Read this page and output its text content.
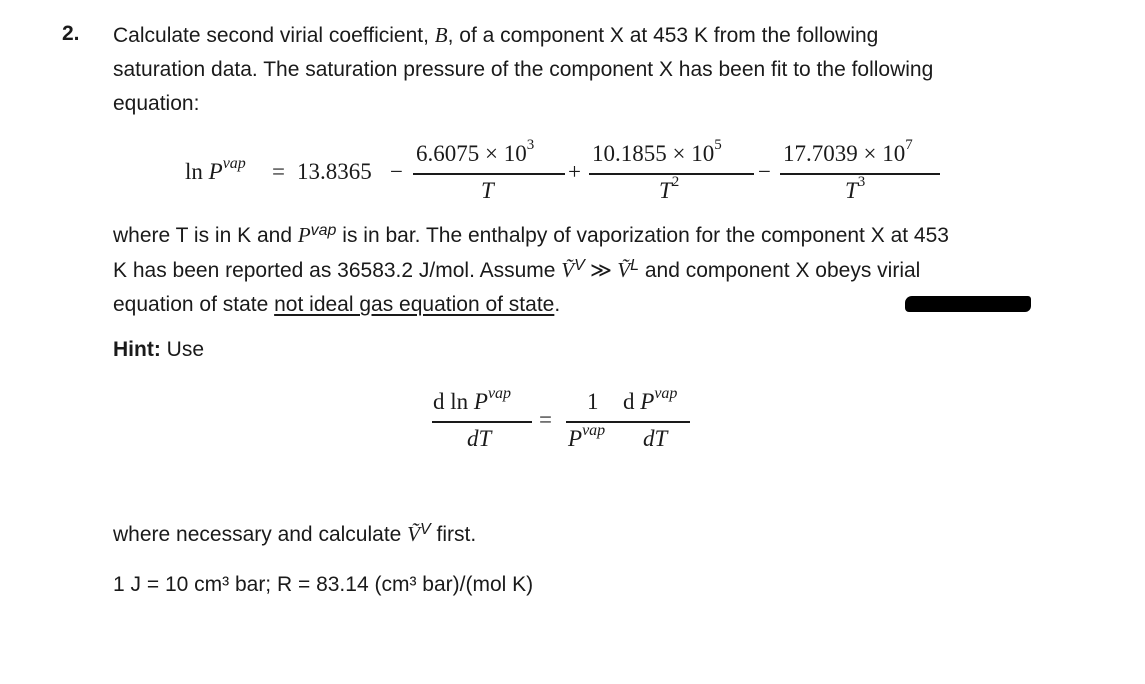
2. Calculate second virial coefficient, B, of a component X at 453 K from the following
saturation data. The saturation pressure of the component X has been fit to the following
equation:
$\ln P^{vap} = 13.8365$ −
$6.6075 \times 10^3$
T
+
$10.1855 \times 10^5$
$T^2$	−
$17.7039 \times 10^7$
$T^3$
where T is in K and $P^{vap}$ is in bar. The enthalpy of vaporization for the component X at 453
K has been reported as 36583.2 J/mol. Assume Ṽ$^V$ ≫ Ṽ$^L$ and component X obeys virial
equation of state not ideal gas equation of state.
Hint: Use
d $\ln P^{vap}$
dT
=
1
$P^{vap}$
d $P^{vap}$
dT
where necessary and calculate Ṽ$^V$ first.
1 J = 10 cm³ bar; R = 83.14 (cm³ bar)/(mol K)
